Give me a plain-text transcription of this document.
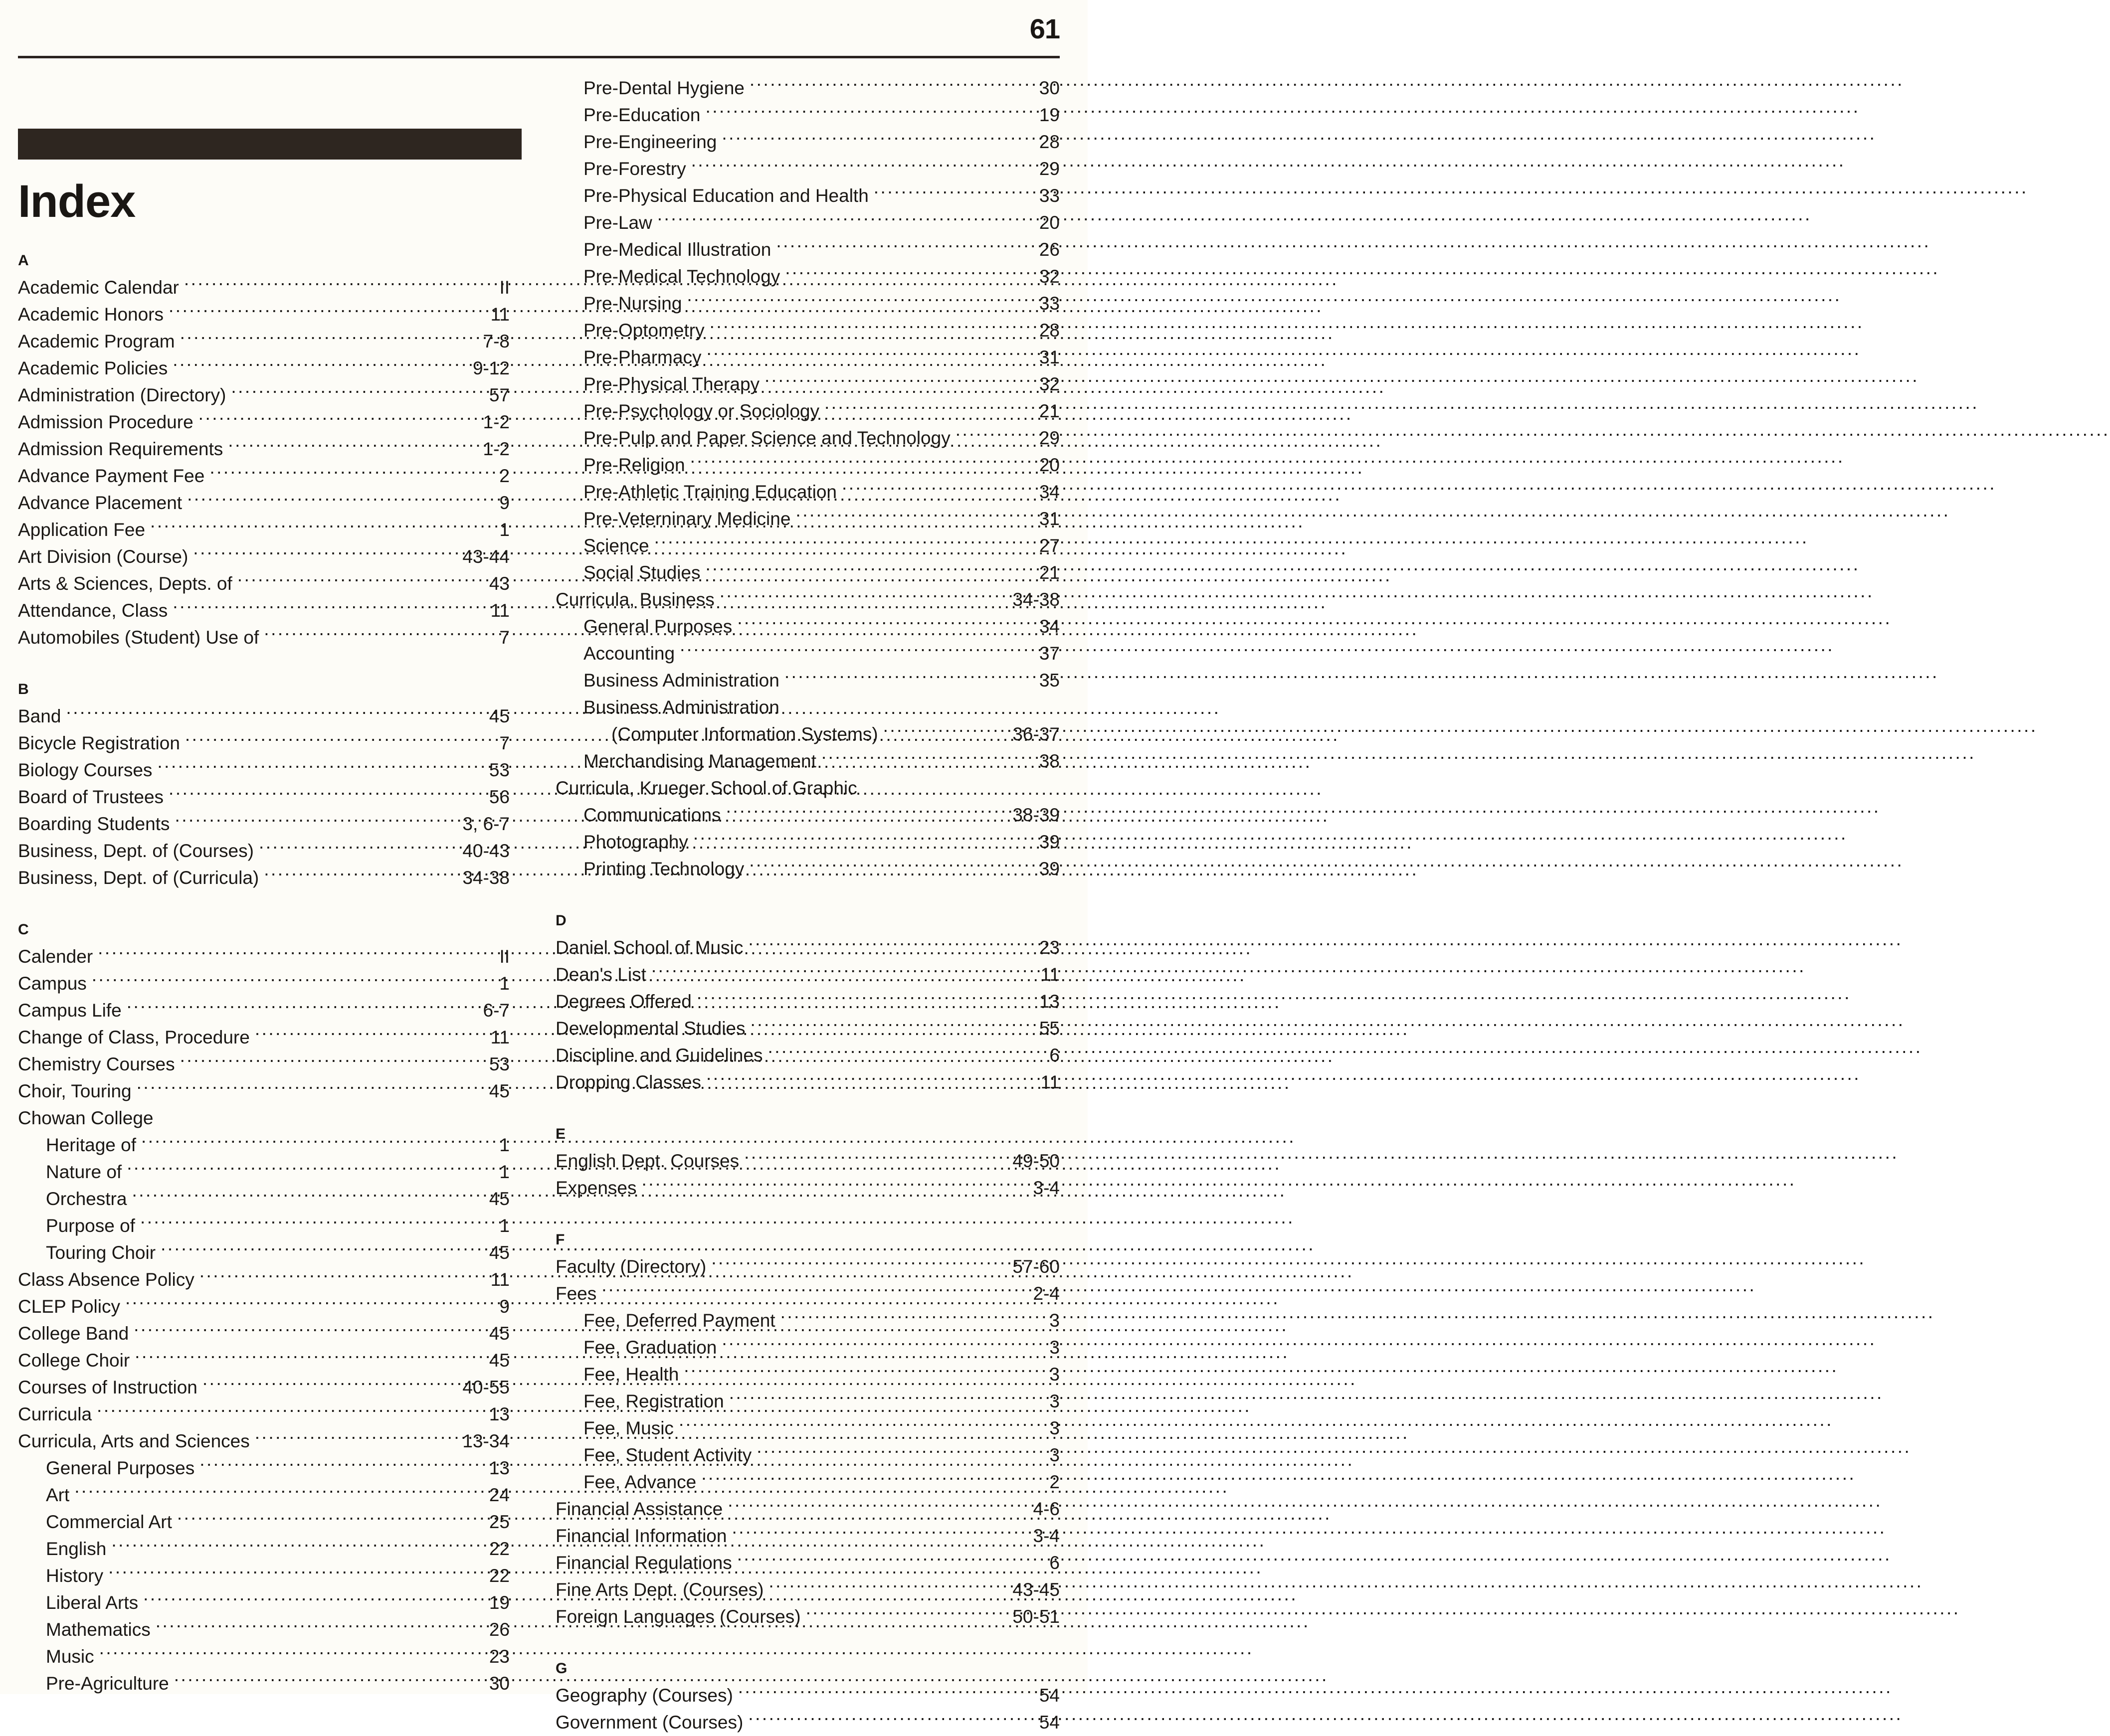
61
Index
A
Academic Calendar .....	II
Academic Honors .....	11
Academic Program .....	7-8
Academic Policies .....	9-12
Administration (Directory) .....	57
Admission Procedure .....	1-2
Admission Requirements .....	1-2
Advance Payment Fee .....	2
Advance Placement .....	9
Application Fee .....	1
Art Division (Course) .....	43-44
Arts & Sciences, Depts. of .....	43
Attendance, Class .....	11
Automobiles (Student) Use of .....	7
B
Band .....	45
Bicycle Registration .....	7
Biology Courses .....	53
Board of Trustees .....	56
Boarding Students .....	3, 6-7
Business, Dept. of (Courses) .....	40-43
Business, Dept. of (Curricula) .....	34-38
C
Calender .....	II
Campus .....	1
Campus Life .....	6-7
Change of Class, Procedure .....	11
Chemistry Courses .....	53
Choir, Touring .....	45
Chowan College
Heritage of .....	1
Nature of .....	1
Orchestra .....	45
Purpose of .....	1
Touring Choir .....	45
Class Absence Policy .....	11
CLEP Policy .....	9
College Band .....	45
College Choir .....	45
Courses of Instruction .....	40-55
Curricula .....	13
Curricula, Arts and Sciences .....	13-34
General Purposes .....	13
Art .....	24
Commercial Art .....	25
English .....	22
History .....	22
Liberal Arts .....	19
Mathematics .....	26
Music .....	23
Pre-Agriculture .....	30
Pre-Dental Hygiene .....	30
Pre-Education .....	19
Pre-Engineering .....	28
Pre-Forestry .....	29
Pre-Physical Education and Health .....	33
Pre-Law .....	20
Pre-Medical Illustration .....	26
Pre-Medical Technology .....	32
Pre-Nursing .....	33
Pre-Optometry .....	28
Pre-Pharmacy .....	31
Pre-Physical Therapy .....	32
Pre-Psychology or Sociology .....	21
Pre-Pulp and Paper Science and Technology .....	29
Pre-Religion .....	20
Pre-Athletic Training Education .....	34
Pre-Veterninary Medicine .....	31
Science .....	27
Social Studies .....	21
Curricula, Business .....	34-38
General Purposes .....	34
Accounting .....	37
Business Administration .....	35
Business Administration
(Computer Information Systems) .....	36-37
Merchandising Management .....	38
Curricula, Krueger School of Graphic
Communications .....	38-39
Photography .....	39
Printing Technology .....	39
D
Daniel School of Music .....	23
Dean's List .....	11
Degrees Offered .....	13
Developmental Studies .....	55
Discipline and Guidelines .....	6
Dropping Classes .....	11
E
English Dept. Courses .....	49-50
Expenses .....	3-4
F
Faculty (Directory) .....	57-60
Fees .....	2-4
Fee, Deferred Payment .....	3
Fee, Graduation .....	3
Fee, Health .....	3
Fee, Registration .....	3
Fee, Music .....	3
Fee, Student Activity .....	3
Fee, Advance .....	2
Financial Assistance .....	4-6
Financial Information .....	3-4
Financial Regulations .....	6
Fine Arts Dept. (Courses) .....	43-45
Foreign Languages (Courses) .....	50-51
G
Geography (Courses) .....	54
Government (Courses) .....	54
